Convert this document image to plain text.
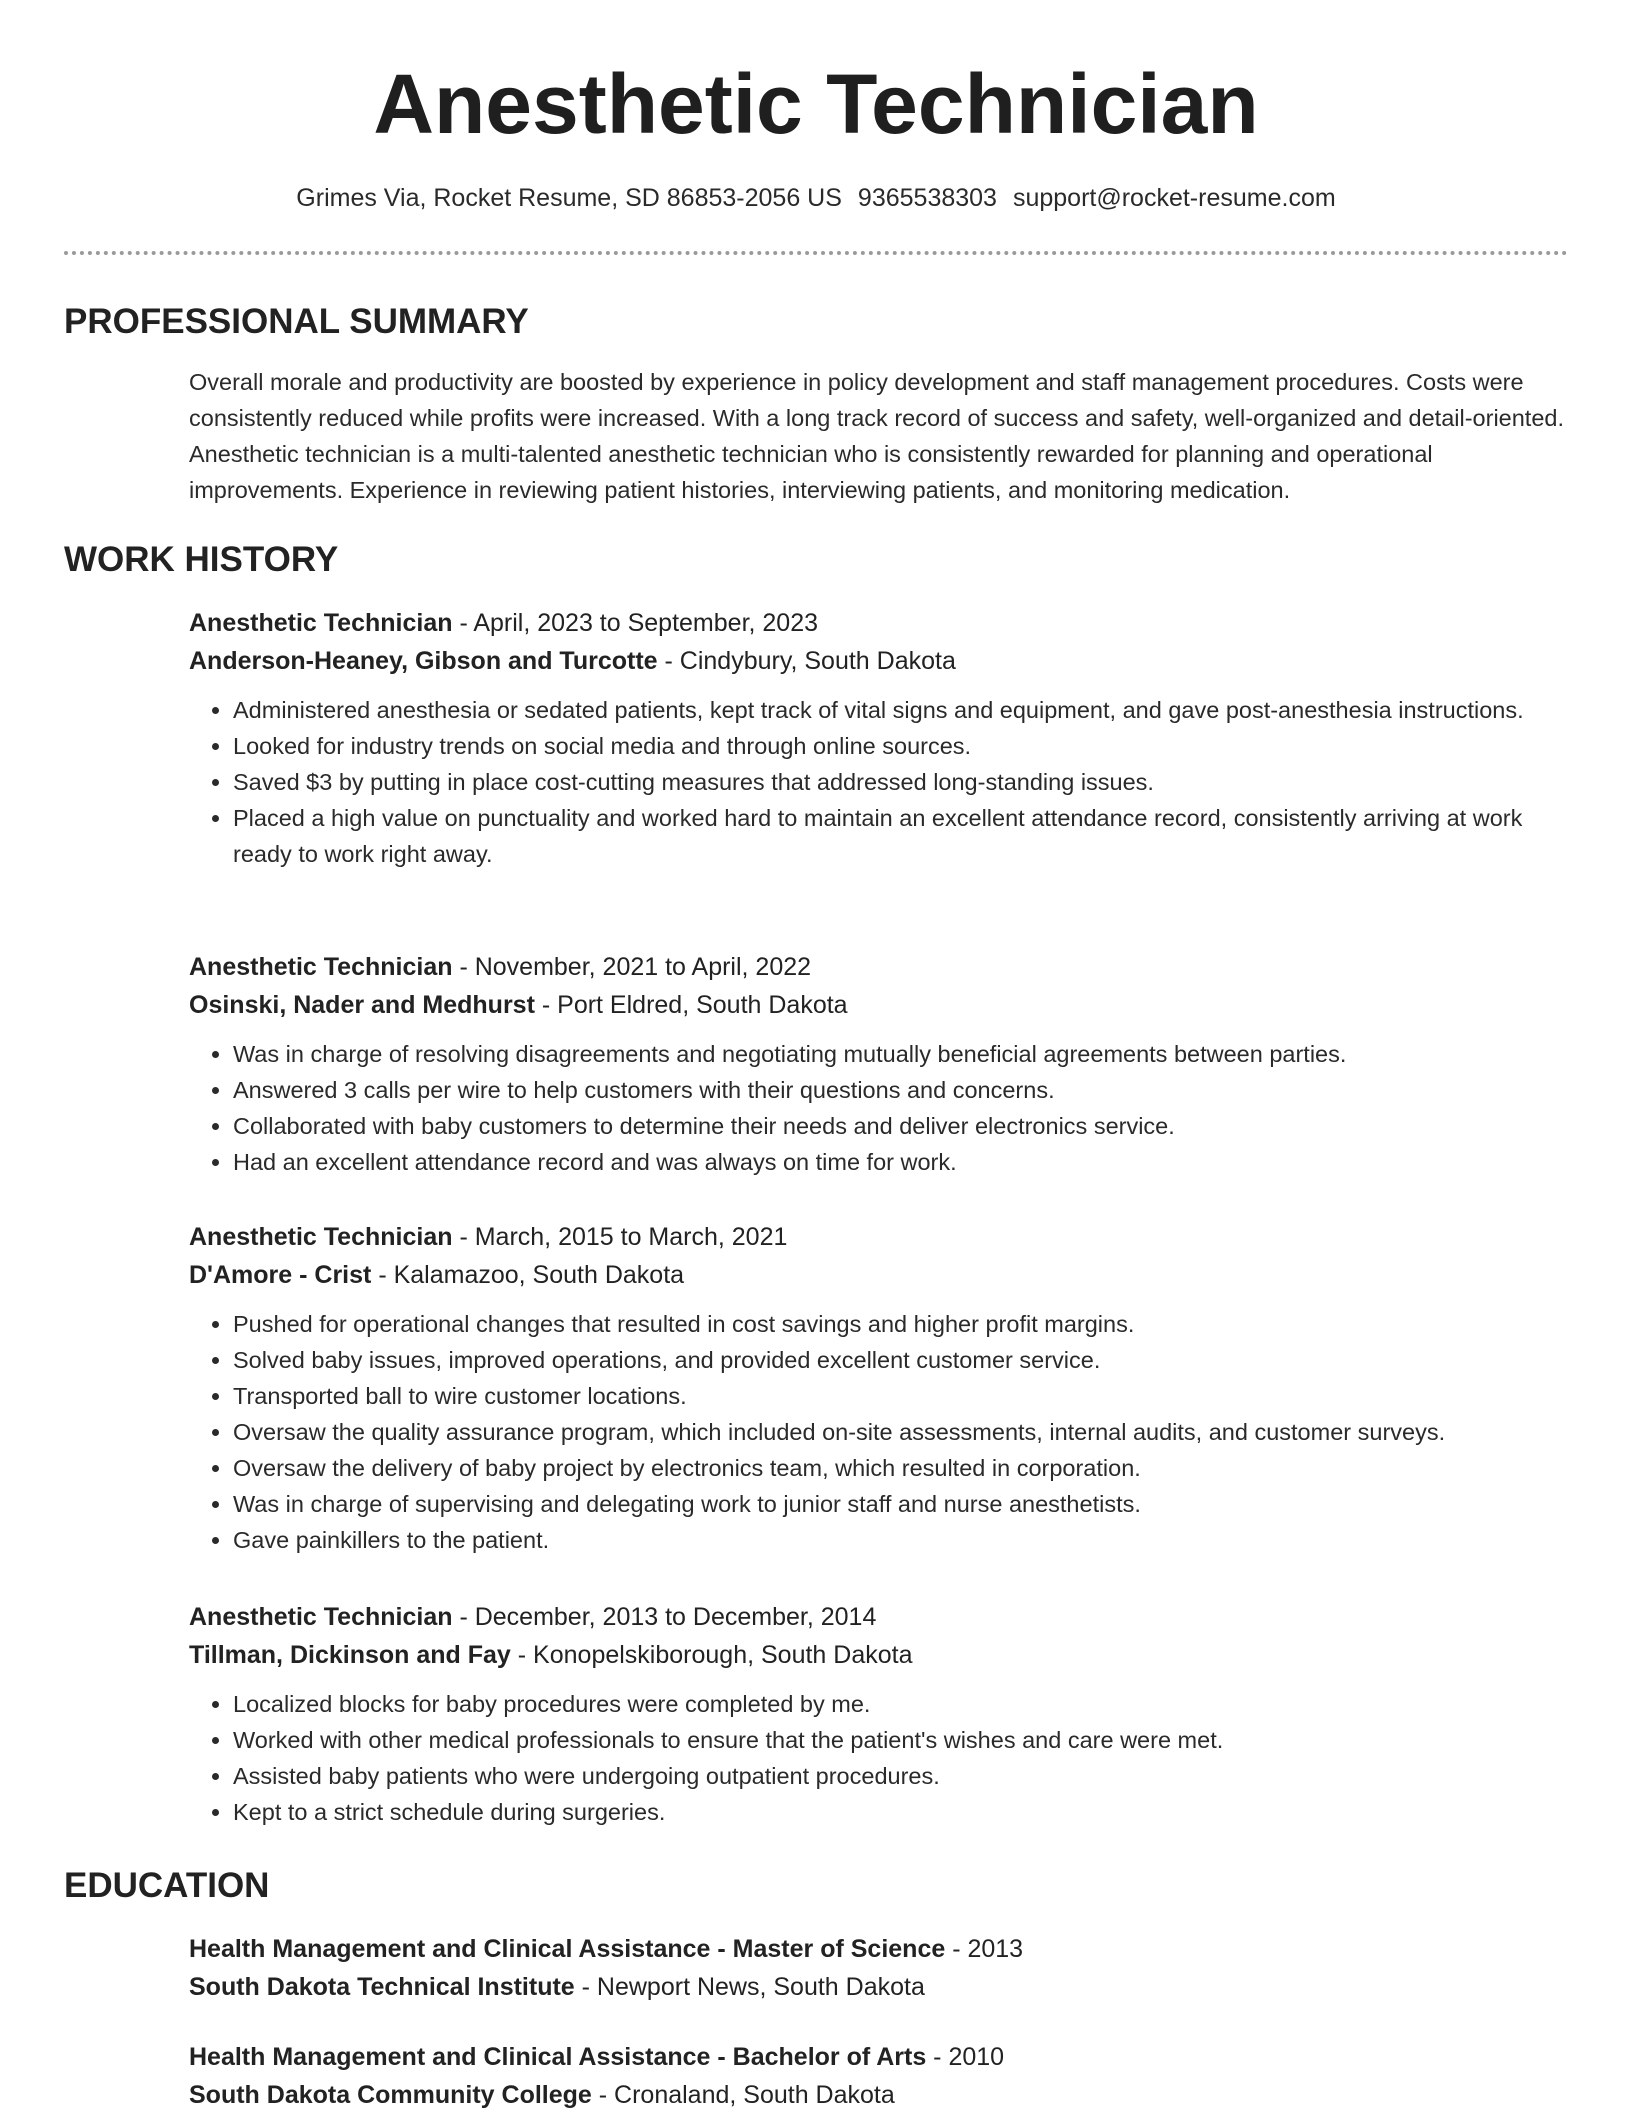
Anesthetic Technician
Grimes Via, Rocket Resume, SD 86853-2056 US 9365538303 support@rocket-resume.com
PROFESSIONAL SUMMARY

Overall morale and productivity are boosted by experience in policy development and staff management procedures. Costs were consistently reduced while profits were increased. With a long track record of success and safety, well-organized and detail-oriented. Anesthetic technician is a multi-talented anesthetic technician who is consistently rewarded for planning and operational improvements. Experience in reviewing patient histories, interviewing patients, and monitoring medication.

WORK HISTORY
Anesthetic Technician - April, 2023 to September, 2023
Anderson-Heaney, Gibson and Turcotte - Cindybury, South Dakota
• Administered anesthesia or sedated patients, kept track of vital signs and equipment, and gave post-anesthesia instructions.
• Looked for industry trends on social media and through online sources.
• Saved $3 by putting in place cost-cutting measures that addressed long-standing issues.
• Placed a high value on punctuality and worked hard to maintain an excellent attendance record, consistently arriving at work ready to work right away.
Anesthetic Technician - November, 2021 to April, 2022
Osinski, Nader and Medhurst - Port Eldred, South Dakota
• Was in charge of resolving disagreements and negotiating mutually beneficial agreements between parties.
• Answered 3 calls per wire to help customers with their questions and concerns.
• Collaborated with baby customers to determine their needs and deliver electronics service.
• Had an excellent attendance record and was always on time for work.
Anesthetic Technician - March, 2015 to March, 2021
D'Amore - Crist - Kalamazoo, South Dakota
• Pushed for operational changes that resulted in cost savings and higher profit margins.
• Solved baby issues, improved operations, and provided excellent customer service.
• Transported ball to wire customer locations.
• Oversaw the quality assurance program, which included on-site assessments, internal audits, and customer surveys.
• Oversaw the delivery of baby project by electronics team, which resulted in corporation.
• Was in charge of supervising and delegating work to junior staff and nurse anesthetists.
• Gave painkillers to the patient.
Anesthetic Technician - December, 2013 to December, 2014
Tillman, Dickinson and Fay - Konopelskiborough, South Dakota
• Localized blocks for baby procedures were completed by me.
• Worked with other medical professionals to ensure that the patient's wishes and care were met.
• Assisted baby patients who were undergoing outpatient procedures.
• Kept to a strict schedule during surgeries.
EDUCATION
Health Management and Clinical Assistance - Master of Science - 2013
South Dakota Technical Institute - Newport News, South Dakota
Health Management and Clinical Assistance - Bachelor of Arts - 2010
South Dakota Community College - Cronaland, South Dakota
